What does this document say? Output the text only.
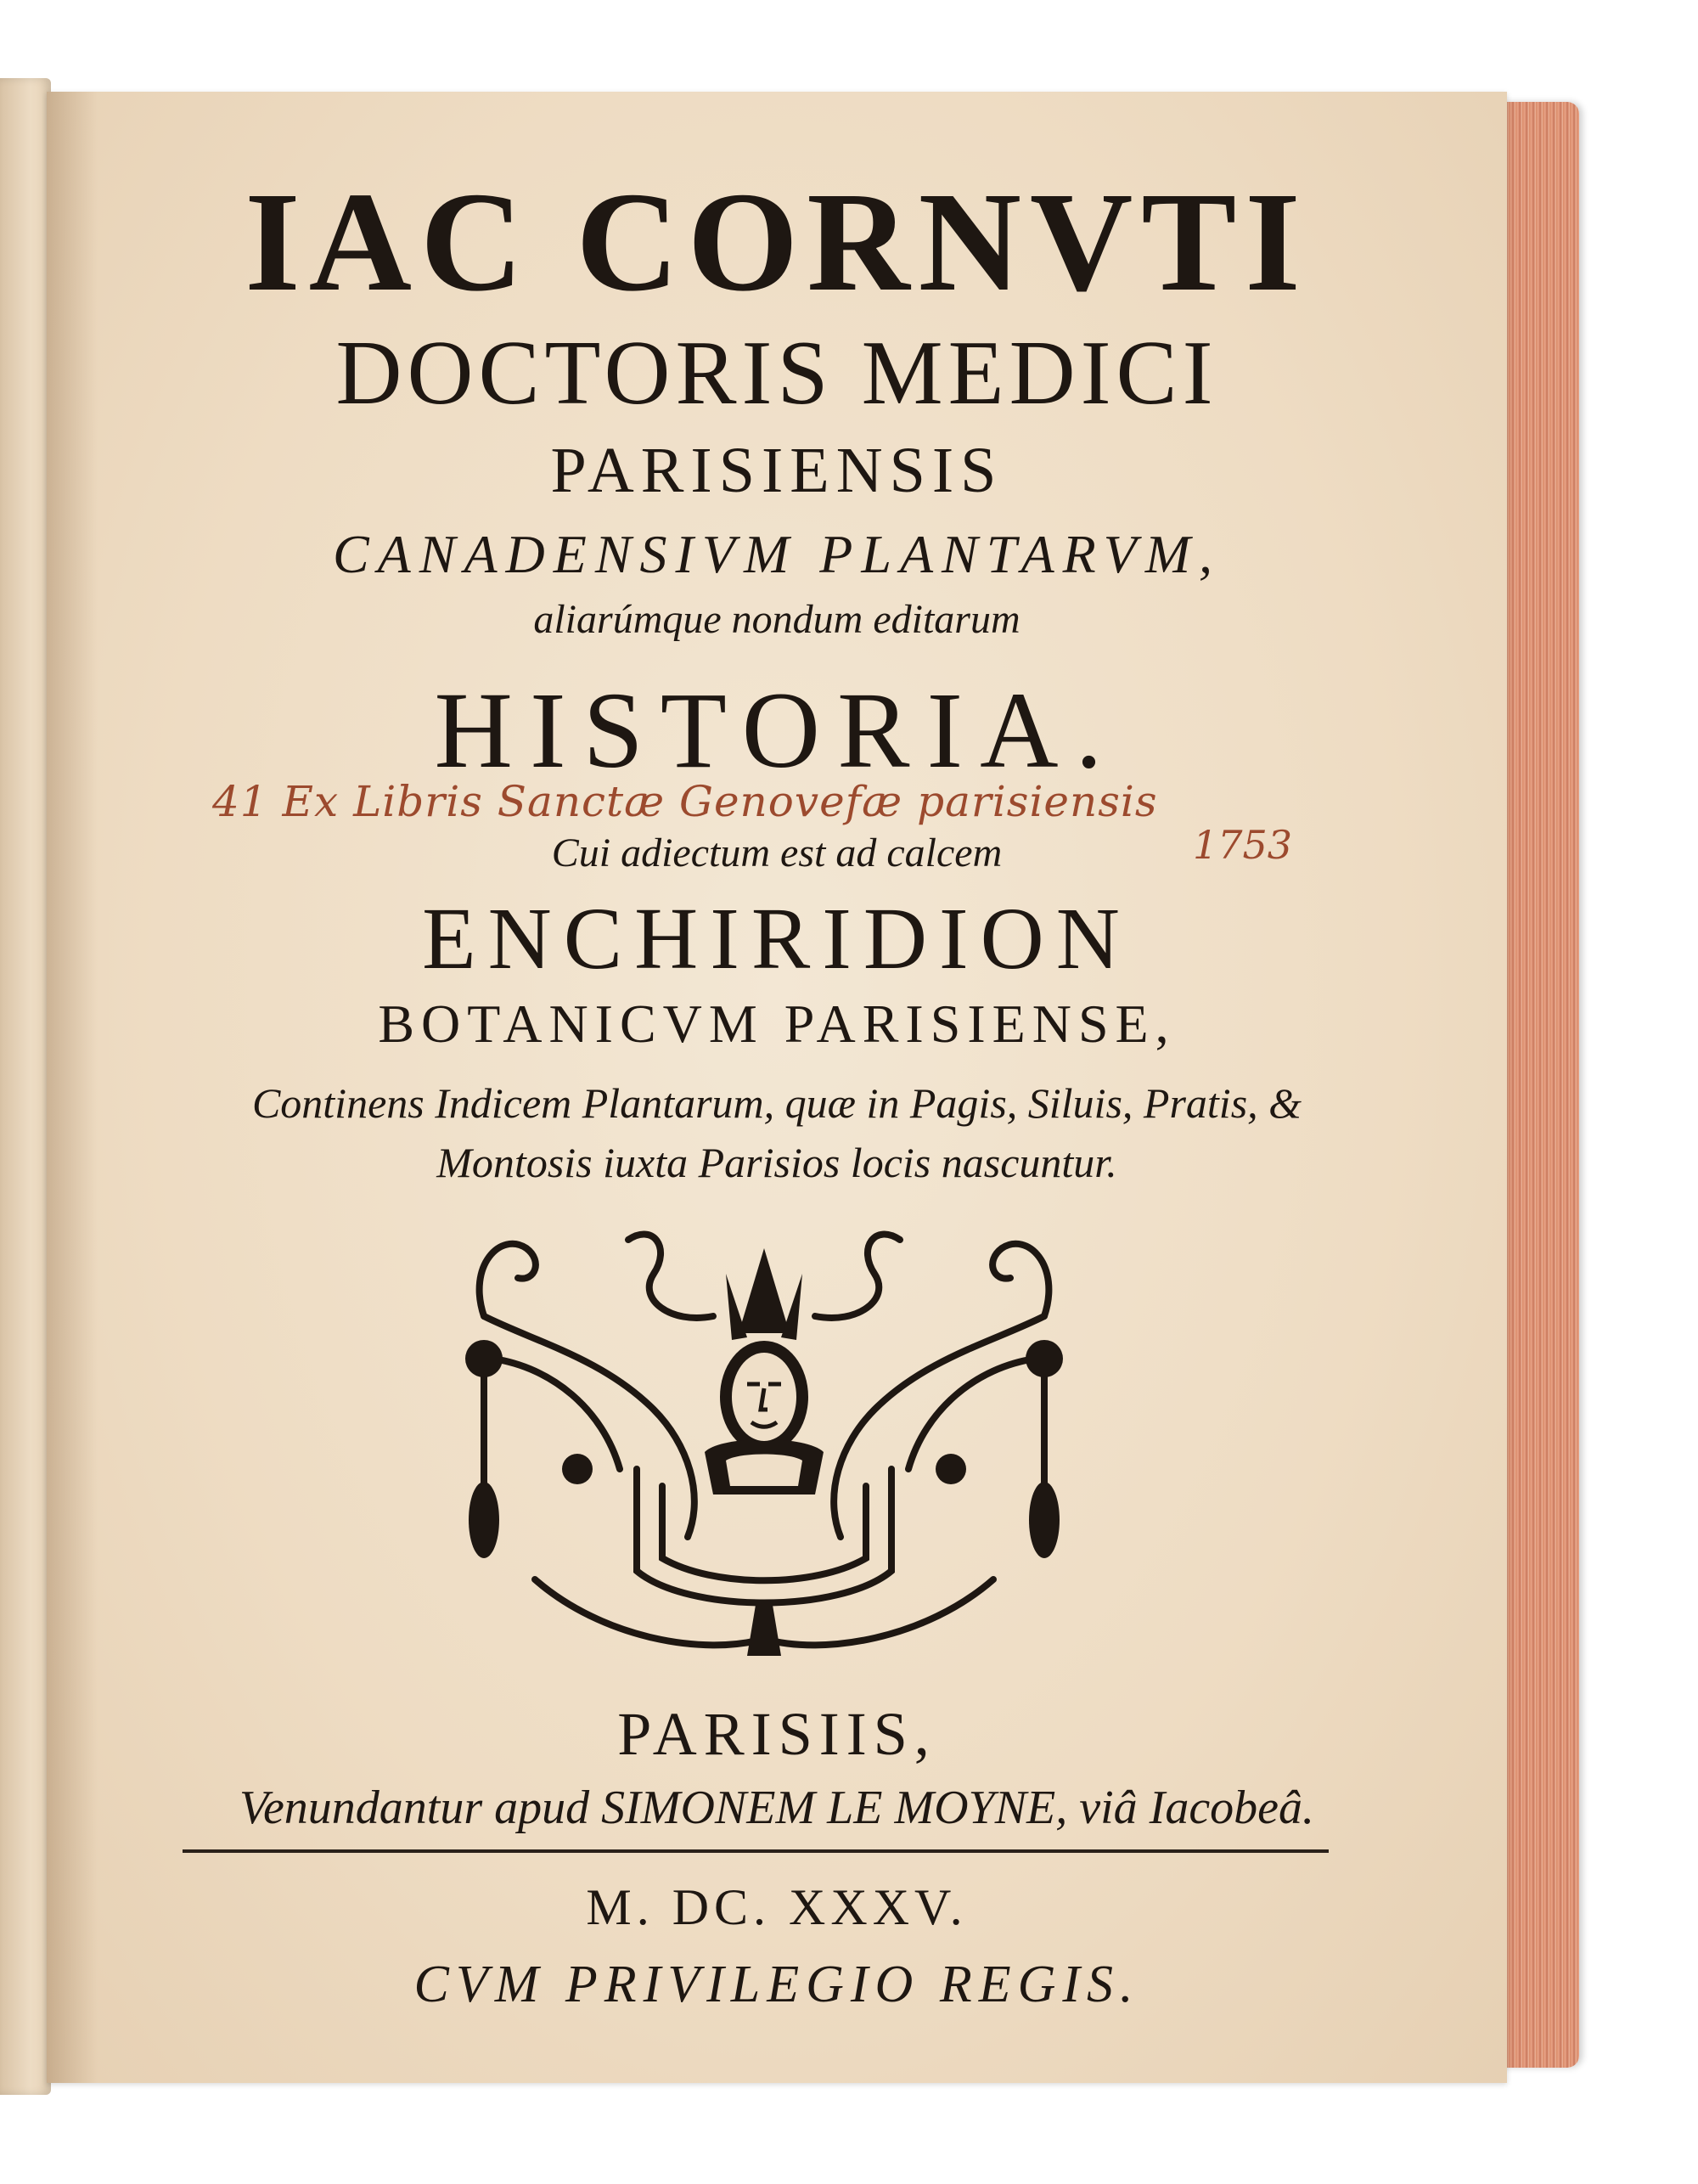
IAC CORNVTI
DOCTORIS MEDICI
PARISIENSIS
CANADENSIVM PLANTARVM,
aliarúmque nondum editarum
HISTORIA.
41 Ex Libris Sanctæ Genovefæ parisiensis
1753
Cui adiectum est ad calcem
ENCHIRIDION
BOTANICVM PARISIENSE,
Continens Indicem Plantarum, quæ in Pagis, Siluis, Pratis, &
Montosis iuxta Parisios locis nascuntur.
PARISIIS,
Venundantur apud SIMONEM LE MOYNE, viâ Iacobeâ.
M. DC. XXXV.
CVM PRIVILEGIO REGIS.
